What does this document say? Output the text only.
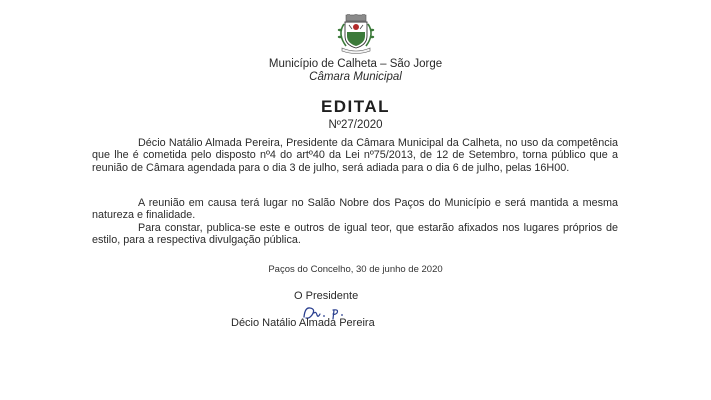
Município de Calheta – São Jorge
Câmara Municipal
EDITAL
Nº27/2020

Décio Natálio Almada Pereira, Presidente da Câmara Municipal da Calheta, no uso da competência que lhe é cometida pelo disposto nº4 do artº40 da Lei nº75/2013, de 12 de Setembro, torna público que a reunião de Câmara agendada para o dia 3 de julho, será adiada para o dia 6 de julho, pelas 16H00.

A reunião em causa terá lugar no Salão Nobre dos Paços do Município e será mantida a mesma natureza e finalidade.

Para constar, publica-se este e outros de igual teor, que estarão afixados nos lugares próprios de estilo, para a respectiva divulgação pública.

Paços do Concelho, 30 de junho de 2020
O Presidente
Décio Natálio Almada Pereira
